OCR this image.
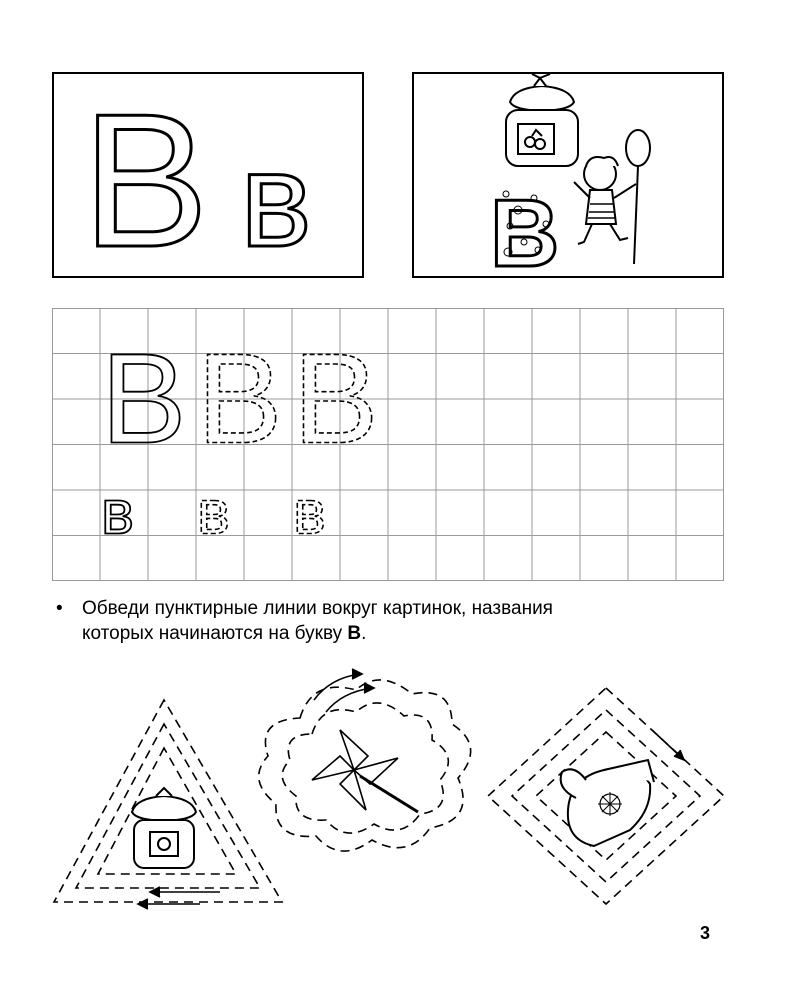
В в В
В В В
в в в
• Обведи пунктирные линии вокруг картинок, названия
которых начинаются на букву В.
3
